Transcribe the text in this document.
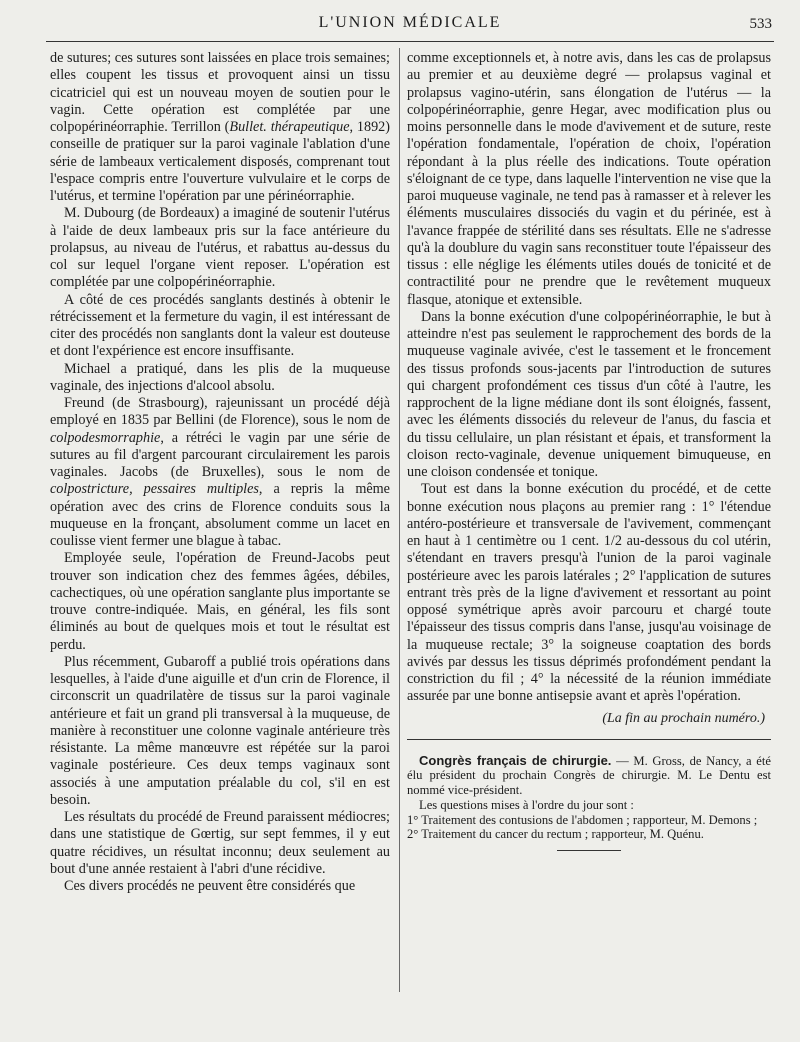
L'UNION MÉDICALE	533

de sutures; ces sutures sont laissées en place trois semaines; elles coupent les tissus et provoquent ainsi un tissu cicatriciel qui est un nouveau moyen de soutien pour le vagin. Cette opération est complétée par une colpopérinéorraphie. Terrillon (Bullet. thérapeutique, 1892) conseille de pratiquer sur la paroi vaginale l'ablation d'une série de lambeaux verticalement disposés, comprenant tout l'espace compris entre l'ouverture vulvulaire et le corps de l'utérus, et termine l'opération par une périnéorraphie.

M. Dubourg (de Bordeaux) a imaginé de soutenir l'utérus à l'aide de deux lambeaux pris sur la face antérieure du prolapsus, au niveau de l'utérus, et rabattus au-dessus du col sur lequel l'organe vient reposer. L'opération est complétée par une colpopérinéorraphie.

A côté de ces procédés sanglants destinés à obtenir le rétrécissement et la fermeture du vagin, il est intéressant de citer des procédés non sanglants dont la valeur est douteuse et dont l'expérience est encore insuffisante.

Michael a pratiqué, dans les plis de la muqueuse vaginale, des injections d'alcool absolu.

Freund (de Strasbourg), rajeunissant un procédé déjà employé en 1835 par Bellini (de Florence), sous le nom de colpodesmorraphie, a rétréci le vagin par une série de sutures au fil d'argent parcourant circulairement les parois vaginales. Jacobs (de Bruxelles), sous le nom de colpostricture, pessaires multiples, a repris la même opération avec des crins de Florence conduits sous la muqueuse en la fronçant, absolument comme un lacet en coulisse vient fermer une blague à tabac.

Employée seule, l'opération de Freund-Jacobs peut trouver son indication chez des femmes âgées, débiles, cachectiques, où une opération sanglante plus importante se trouve contre-indiquée. Mais, en général, les fils sont éliminés au bout de quelques mois et tout le résultat est perdu.

Plus récemment, Gubaroff a publié trois opérations dans lesquelles, à l'aide d'une aiguille et d'un crin de Florence, il circonscrit un quadrilatère de tissus sur la paroi vaginale antérieure et fait un grand pli transversal à la muqueuse, de manière à reconstituer une colonne vaginale antérieure très résistante. La même manœuvre est répétée sur la paroi vaginale postérieure. Ces deux temps vaginaux sont associés à une amputation préalable du col, s'il en est besoin.

Les résultats du procédé de Freund paraissent médiocres; dans une statistique de Gœrtig, sur sept femmes, il y eut quatre récidives, un résultat inconnu; deux seulement au bout d'une année restaient à l'abri d'une récidive.

Ces divers procédés ne peuvent être considérés que

comme exceptionnels et, à notre avis, dans les cas de prolapsus au premier et au deuxième degré — prolapsus vaginal et prolapsus vagino-utérin, sans élongation de l'utérus — la colpopérinéorraphie, genre Hegar, avec modification plus ou moins personnelle dans le mode d'avivement et de suture, reste l'opération fondamentale, l'opération de choix, l'opération répondant à la plus réelle des indications. Toute opération s'éloignant de ce type, dans laquelle l'intervention ne vise que la paroi muqueuse vaginale, ne tend pas à ramasser et à relever les éléments musculaires dissociés du vagin et du périnée, est à l'avance frappée de stérilité dans ses résultats. Elle ne s'adresse qu'à la doublure du vagin sans reconstituer toute l'épaisseur des tissus : elle néglige les éléments utiles doués de tonicité et de contractilité pour ne prendre que le revêtement muqueux flasque, atonique et extensible.

Dans la bonne exécution d'une colpopérinéorraphie, le but à atteindre n'est pas seulement le rapprochement des bords de la muqueuse vaginale avivée, c'est le tassement et le froncement des tissus profonds sous-jacents par l'introduction de sutures qui chargent profondément ces tissus d'un côté à l'autre, les rapprochent de la ligne médiane dont ils sont éloignés, fassent, avec les éléments dissociés du releveur de l'anus, du fascia et du tissu cellulaire, un plan résistant et épais, et transforment la cloison recto-vaginale, devenue uniquement bimuqueuse, en une cloison condensée et tonique.

Tout est dans la bonne exécution du procédé, et de cette bonne exécution nous plaçons au premier rang : 1° l'étendue antéro-postérieure et transversale de l'avivement, commençant en haut à 1 centimètre ou 1 cent. 1/2 au-dessous du col utérin, s'étendant en travers presqu'à l'union de la paroi vaginale postérieure avec les parois latérales ; 2° l'application de sutures entrant très près de la ligne d'avivement et ressortant au point opposé symétrique après avoir parcouru et chargé toute l'épaisseur des tissus compris dans l'anse, jusqu'au voisinage de la muqueuse rectale; 3° la soigneuse coaptation des bords avivés par dessus les tissus déprimés profondément pendant la constriction du fil ; 4° la nécessité de la réunion immédiate assurée par une bonne antisepsie avant et après l'opération.

(La fin au prochain numéro.)

Congrès français de chirurgie. — M. Gross, de Nancy, a été élu président du prochain Congrès de chirurgie. M. Le Dentu est nommé vice-président.

Les questions mises à l'ordre du jour sont :

1° Traitement des contusions de l'abdomen ; rapporteur, M. Demons ;

2° Traitement du cancer du rectum ; rapporteur, M. Quénu.
